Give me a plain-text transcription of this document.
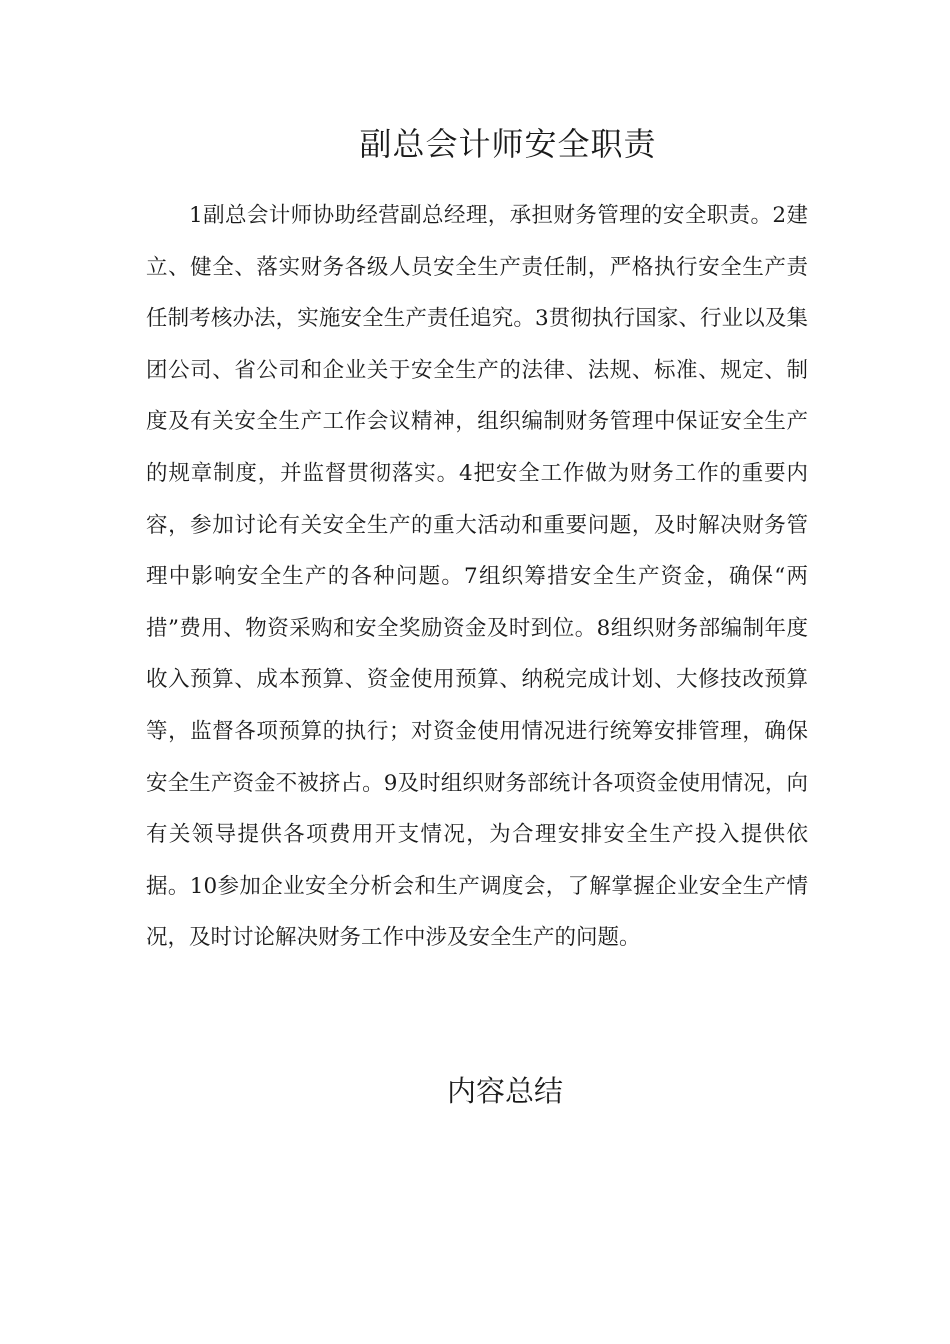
副总会计师安全职责

1副总会计师协助经营副总经理，承担财务管理的安全职责。2建立、健全、落实财务各级人员安全生产责任制，严格执行安全生产责任制考核办法，实施安全生产责任追究。3贯彻执行国家、行业以及集团公司、省公司和企业关于安全生产的法律、法规、标准、规定、制度及有关安全生产工作会议精神，组织编制财务管理中保证安全生产的规章制度，并监督贯彻落实。4把安全工作做为财务工作的重要内容，参加讨论有关安全生产的重大活动和重要问题，及时解决财务管理中影响安全生产的各种问题。7组织筹措安全生产资金，确保“两措”费用、物资采购和安全奖励资金及时到位。8组织财务部编制年度收入预算、成本预算、资金使用预算、纳税完成计划、大修技改预算等，监督各项预算的执行；对资金使用情况进行统筹安排管理，确保安全生产资金不被挤占。9及时组织财务部统计各项资金使用情况，向有关领导提供各项费用开支情况，为合理安排安全生产投入提供依据。10参加企业安全分析会和生产调度会，了解掌握企业安全生产情况，及时讨论解决财务工作中涉及安全生产的问题。

内容总结
